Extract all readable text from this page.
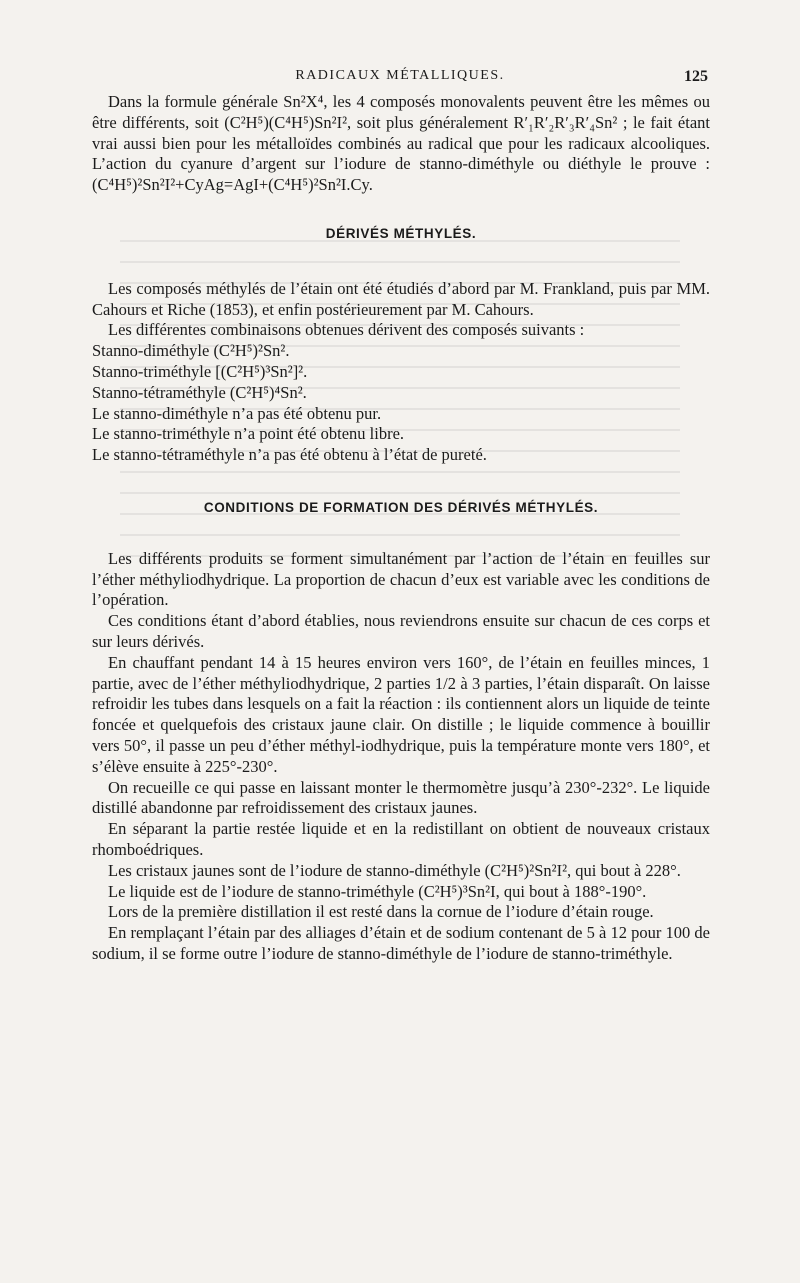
RADICAUX MÉTALLIQUES.	125

Dans la formule générale Sn²X⁴, les 4 composés monovalents peuvent être les mêmes ou être différents, soit (C²H⁵)(C⁴H⁵)Sn²I², soit plus généralement R′₁R′₂R′₃R′₄Sn² ; le fait étant vrai aussi bien pour les métalloïdes combinés au radical que pour les radicaux alcooliques. L’action du cyanure d’argent sur l’iodure de stanno-diméthyle ou diéthyle le prouve : (C⁴H⁵)²Sn²I²+CyAg=AgI+(C⁴H⁵)²Sn²I.Cy.

DÉRIVÉS MÉTHYLÉS.

Les composés méthylés de l’étain ont été étudiés d’abord par M. Frankland, puis par MM. Cahours et Riche (1853), et enfin postérieurement par M. Cahours.

Les différentes combinaisons obtenues dérivent des composés suivants :

Stanno-diméthyle (C²H⁵)²Sn².

Stanno-triméthyle [(C²H⁵)³Sn²]².

Stanno-tétraméthyle (C²H⁵)⁴Sn².

Le stanno-diméthyle n’a pas été obtenu pur.

Le stanno-triméthyle n’a point été obtenu libre.

Le stanno-tétraméthyle n’a pas été obtenu à l’état de pureté.

CONDITIONS DE FORMATION DES DÉRIVÉS MÉTHYLÉS.

Les différents produits se forment simultanément par l’action de l’étain en feuilles sur l’éther méthyliodhydrique. La proportion de chacun d’eux est variable avec les conditions de l’opération.

Ces conditions étant d’abord établies, nous reviendrons ensuite sur chacun de ces corps et sur leurs dérivés.

En chauffant pendant 14 à 15 heures environ vers 160°, de l’étain en feuilles minces, 1 partie, avec de l’éther méthyliodhydrique, 2 parties 1/2 à 3 parties, l’étain disparaît. On laisse refroidir les tubes dans lesquels on a fait la réaction : ils contiennent alors un liquide de teinte foncée et quelquefois des cristaux jaune clair. On distille ; le liquide commence à bouillir vers 50°, il passe un peu d’éther méthyl-iodhydrique, puis la température monte vers 180°, et s’élève ensuite à 225°-230°.

On recueille ce qui passe en laissant monter le thermomètre jusqu’à 230°-232°. Le liquide distillé abandonne par refroidissement des cristaux jaunes.

En séparant la partie restée liquide et en la redistillant on obtient de nouveaux cristaux rhomboédriques.

Les cristaux jaunes sont de l’iodure de stanno-diméthyle (C²H⁵)²Sn²I², qui bout à 228°.

Le liquide est de l’iodure de stanno-triméthyle (C²H⁵)³Sn²I, qui bout à 188°-190°.

Lors de la première distillation il est resté dans la cornue de l’iodure d’étain rouge.

En remplaçant l’étain par des alliages d’étain et de sodium contenant de 5 à 12 pour 100 de sodium, il se forme outre l’iodure de stanno-diméthyle de l’iodure de stanno-triméthyle.
